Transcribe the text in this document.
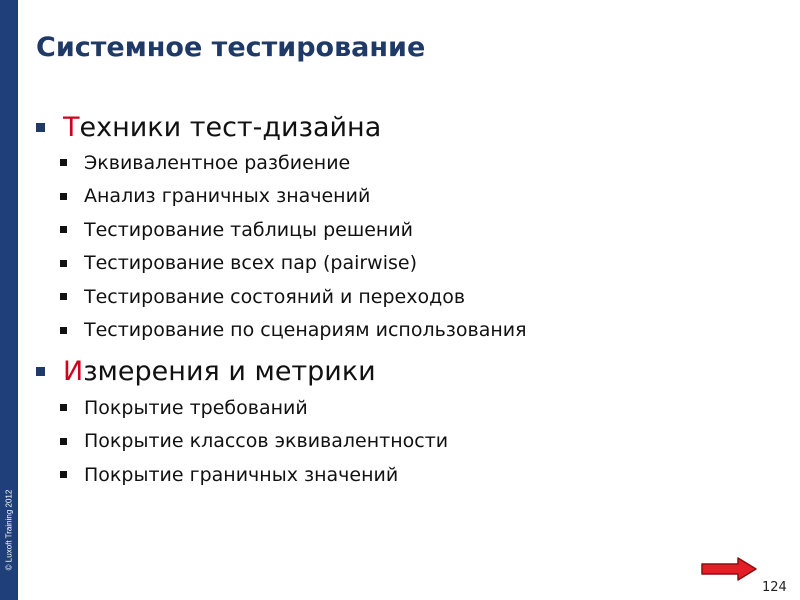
© Luxoft Training 2012
Системное тестирование
Техники тест-дизайна
Эквивалентное разбиение
Анализ граничных значений
Тестирование таблицы решений
Тестирование всех пар (pairwise)
Тестирование состояний и переходов
Тестирование по сценариям использования
Измерения и метрики
Покрытие требований
Покрытие классов эквивалентности
Покрытие граничных значений
124
